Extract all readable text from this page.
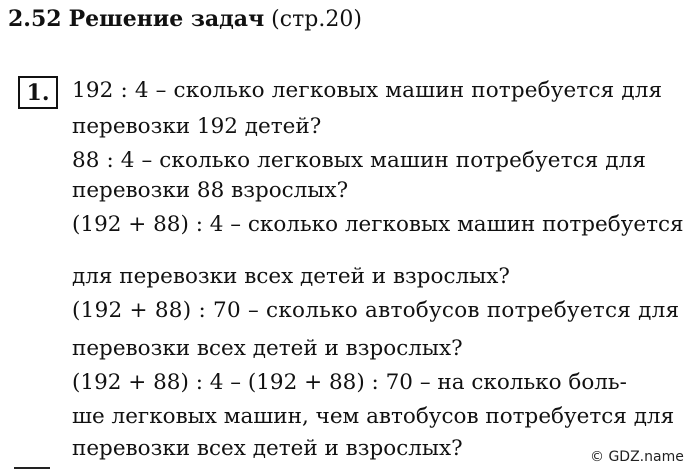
2.52 Решение задач (стр.20)
1.	192 : 4 – сколько легковых машин потребуется для
перевозки 192 детей?
88 : 4 – сколько легковых машин потребуется для
перевозки 88 взрослых?
(192 + 88) : 4 – сколько легковых машин потребуется
для перевозки всех детей и взрослых?
(192 + 88) : 70 – сколько автобусов потребуется для
перевозки всех детей и взрослых?
(192 + 88) : 4 – (192 + 88) : 70 – на сколько боль-
ше легковых машин, чем автобусов потребуется для
перевозки всех детей и взрослых?	© GDZ.name
